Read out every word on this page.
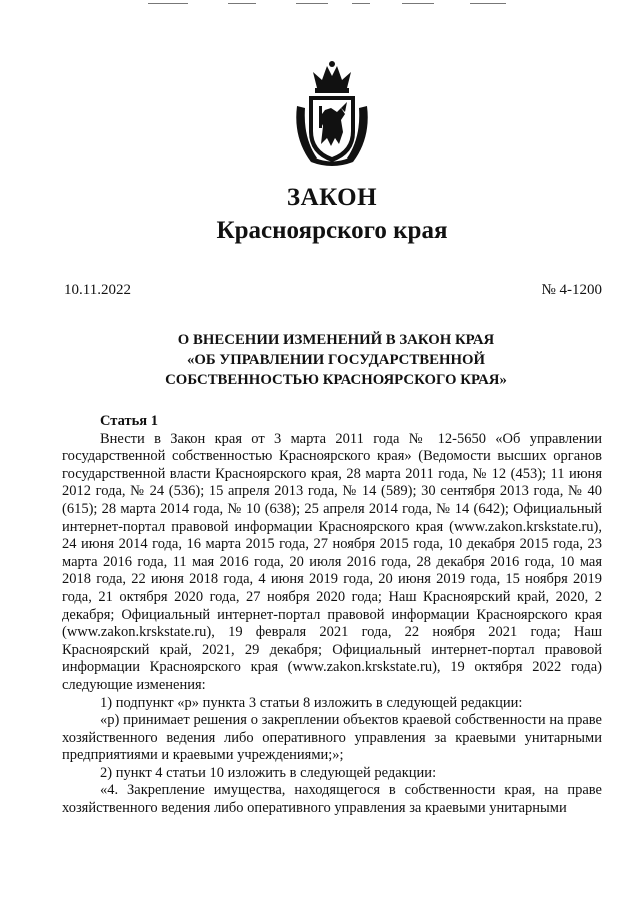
ЗАКОН
Красноярского края
10.11.2022	№ 4-1200
О ВНЕСЕНИИ ИЗМЕНЕНИЙ В ЗАКОН КРАЯ
«ОБ УПРАВЛЕНИИ ГОСУДАРСТВЕННОЙ
СОБСТВЕННОСТЬЮ КРАСНОЯРСКОГО КРАЯ»

Статья 1

Внести в Закон края от 3 марта 2011 года № 12-5650 «Об управлении государственной собственностью Красноярского края» (Ведомости высших органов государственной власти Красноярского края, 28 марта 2011 года, № 12 (453); 11 июня 2012 года, № 24 (536); 15 апреля 2013 года, № 14 (589); 30 сентября 2013 года, № 40 (615); 28 марта 2014 года, № 10 (638); 25 апреля 2014 года, № 14 (642); Официальный интернет-портал правовой информации Красноярского края (www.zakon.krskstate.ru), 24 июня 2014 года, 16 марта 2015 года, 27 ноября 2015 года, 10 декабря 2015 года, 23 марта 2016 года, 11 мая 2016 года, 20 июля 2016 года, 28 декабря 2016 года, 10 мая 2018 года, 22 июня 2018 года, 4 июня 2019 года, 20 июня 2019 года, 15 ноября 2019 года, 21 октября 2020 года, 27 ноября 2020 года; Наш Красноярский край, 2020, 2 декабря; Официальный интернет-портал правовой информации Красноярского края (www.zakon.krskstate.ru), 19 февраля 2021 года, 22 ноября 2021 года; Наш Красноярский край, 2021, 29 декабря; Официальный интернет-портал правовой информации Красноярского края (www.zakon.krskstate.ru), 19 октября 2022 года) следующие изменения:

1) подпункт «р» пункта 3 статьи 8 изложить в следующей редакции:

«р) принимает решения о закреплении объектов краевой собственности на праве хозяйственного ведения либо оперативного управления за краевыми унитарными предприятиями и краевыми учреждениями;»;

2) пункт 4 статьи 10 изложить в следующей редакции:

«4. Закрепление имущества, находящегося в собственности края, на праве хозяйственного ведения либо оперативного управления за краевыми унитарными
